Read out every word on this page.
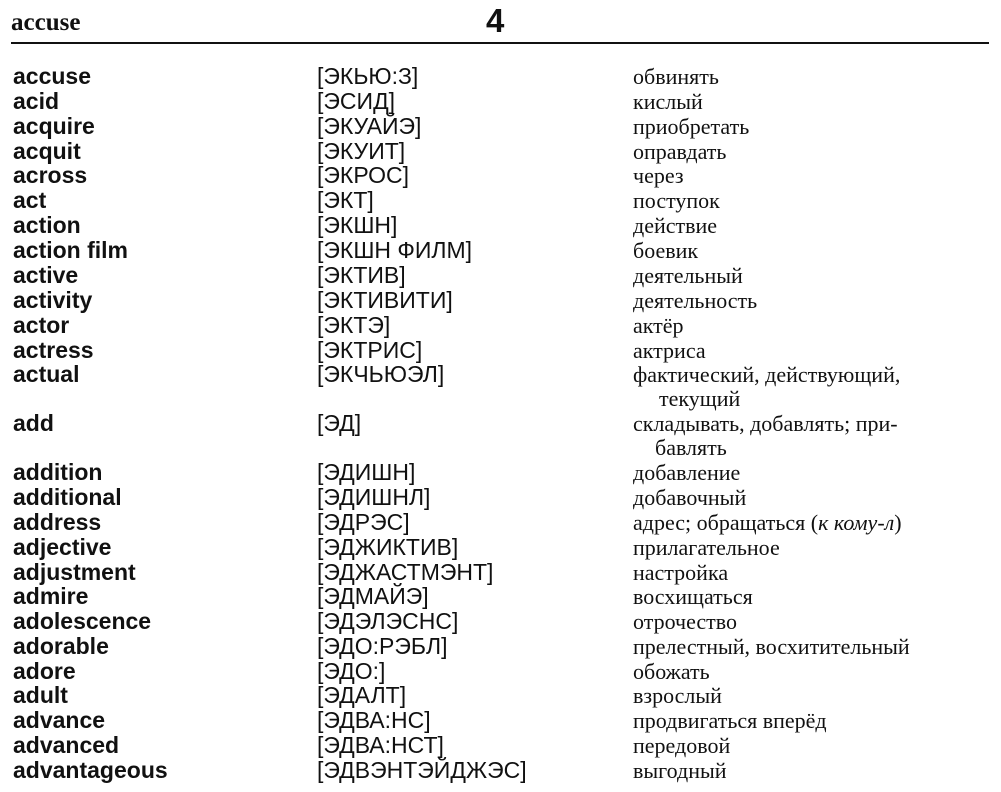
accuse	4
accuse	[ЭКЬЮ:З]	обвинять
acid	[ЭСИД]	кислый
acquire	[ЭКУАЙЭ]	приобретать
acquit	[ЭКУИТ]	оправдать
across	[ЭКРОС]	через
act	[ЭКТ]	поступок
action	[ЭКШН]	действие
action film	[ЭКШН ФИЛМ]	боевик
active	[ЭКТИВ]	деятельный
activity	[ЭКТИВИТИ]	деятельность
actor	[ЭКТЭ]	актёр
actress	[ЭКТРИС]	актриса
actual	[ЭКЧЬЮЭЛ]	фактический, действующий,
текущий
add	[ЭД]	складывать, добавлять; при-
бавлять
addition	[ЭДИШН]	добавление
additional	[ЭДИШНЛ]	добавочный
address	[ЭДРЭС]	адрес; обращаться (к кому-л)
adjective	[ЭДЖИКТИВ]	прилагательное
adjustment	[ЭДЖАСТМЭНТ]	настройка
admire	[ЭДМАЙЭ]	восхищаться
adolescence	[ЭДЭЛЭСНС]	отрочество
adorable	[ЭДО:РЭБЛ]	прелестный, восхитительный
adore	[ЭДО:]	обожать
adult	[ЭДАЛТ]	взрослый
advance	[ЭДВА:НС]	продвигаться вперёд
advanced	[ЭДВА:НСТ]	передовой
advantageous	[ЭДВЭНТЭЙДЖЭС]	выгодный
